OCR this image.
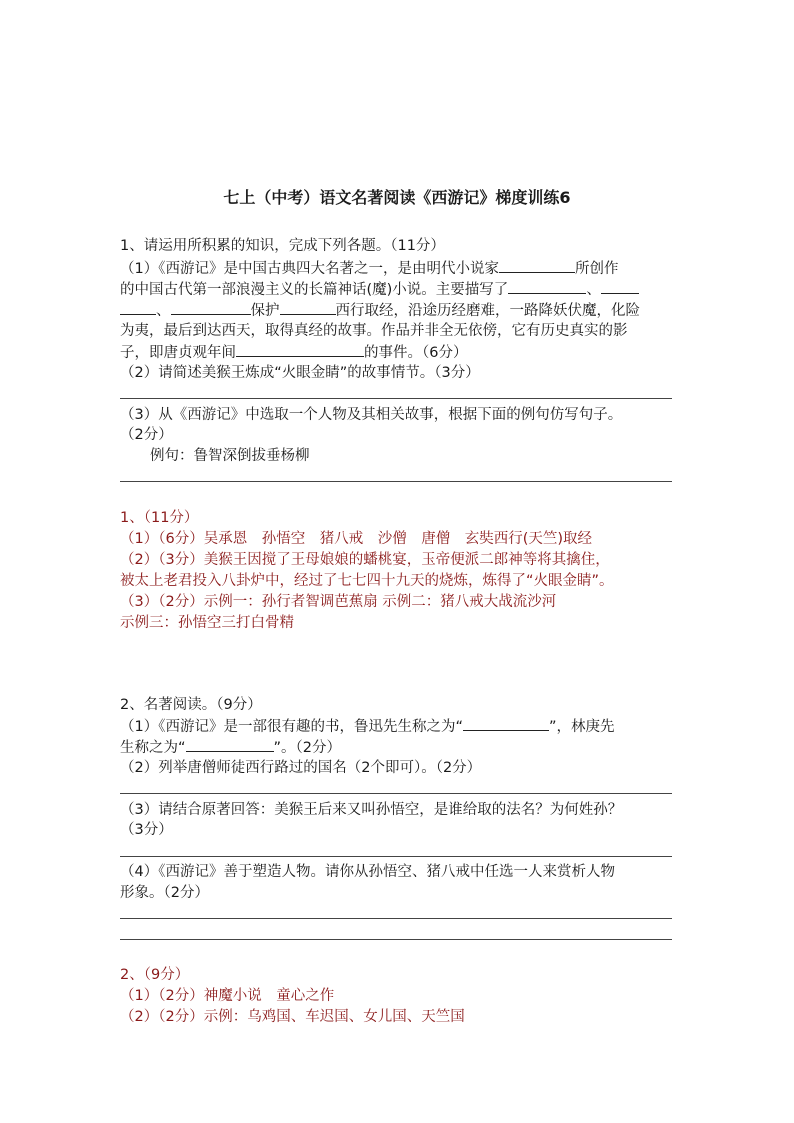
七上（中考）语文名著阅读《西游记》梯度训练6
1、请运用所积累的知识，完成下列各题。（11分）
（1）《西游记》是中国古典四大名著之一，是由明代小说家	所创作
的中国古代第一部浪漫主义的长篇神话(魔)小说。主要描写了	、
、	保护	西行取经，沿途历经磨难，一路降妖伏魔，化险
为夷，最后到达西天，取得真经的故事。作品并非全无依傍，它有历史真实的影
子，即唐贞观年间	的事件。（6分）
（2）请简述美猴王炼成“火眼金睛”的故事情节。（3分）
（3）从《西游记》中选取一个人物及其相关故事，根据下面的例句仿写句子。
（2分）
例句：鲁智深倒拔垂杨柳
1、（11分）
（1）（6分）吴承恩　孙悟空　猪八戒　沙僧　唐僧　玄奘西行(天竺)取经
（2）（3分）美猴王因搅了王母娘娘的蟠桃宴，玉帝便派二郎神等将其擒住，
被太上老君投入八卦炉中，经过了七七四十九天的烧炼，炼得了“火眼金睛”。
（3）（2分）示例一：孙行者智调芭蕉扇 示例二：猪八戒大战流沙河
示例三：孙悟空三打白骨精
2、名著阅读。（9分）
（1）《西游记》是一部很有趣的书，鲁迅先生称之为“	”，林庚先
生称之为“	”。（2分）
（2）列举唐僧师徒西行路过的国名（2个即可）。（2分）
（3）请结合原著回答：美猴王后来又叫孙悟空，是谁给取的法名？为何姓孙？
（3分）
（4）《西游记》善于塑造人物。请你从孙悟空、猪八戒中任选一人来赏析人物
形象。（2分）
2、（9分）
（1）（2分）神魔小说　童心之作
（2）（2分）示例：乌鸡国、车迟国、女儿国、天竺国
